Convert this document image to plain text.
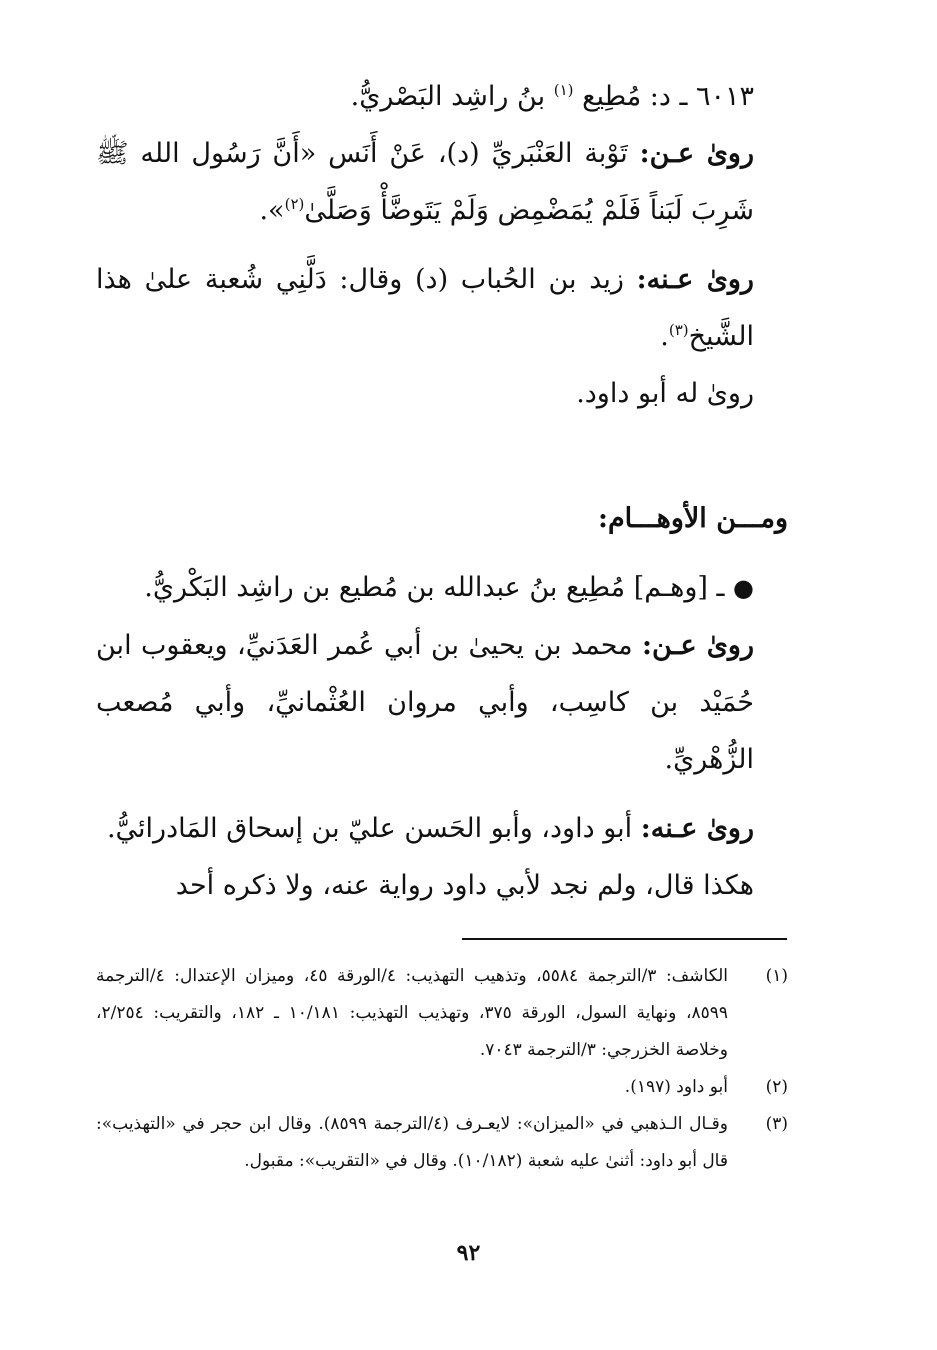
٦٠١٣ ـ د: مُطِيع $^{(١)}$ بنُ راشِد البَصْريُّ.

روىٰ عـن: تَوْبة العَنْبَريِّ (د)، عَنْ أَنَس «أَنَّ رَسُول الله ﷺ شَرِبَ لَبَناً فَلَمْ يُمَضْمِض وَلَمْ يَتَوضَّأْ وَصَلَّىٰ$^{(٢)}$».

روىٰ عـنه: زيد بن الحُباب (د) وقال: دَلَّنِي شُعبة علىٰ هذا الشَّيخ$^{(٣)}$.

روىٰ له أبو داود.

ومـــن الأوهـــام:

● ـ [وهـم] مُطِيع بنُ عبدالله بن مُطيع بن راشِد البَكْريُّ.

روىٰ عـن: محمد بن يحيىٰ بن أبي عُمر العَدَنيِّ، ويعقوب ابن حُمَيْد بن كاسِب، وأبي مروان العُثْمانيِّ، وأبي مُصعب الزُّهْريِّ.

روىٰ عـنه: أبو داود، وأبو الحَسن عليّ بن إسحاق المَادرائيُّ.

هكذا قال، ولم نجد لأبي داود رواية عنه، ولا ذكره أحد

(١)
الكاشف: ٣/الترجمة ٥٥٨٤، وتذهيب التهذيب: ٤/الورقة ٤٥، وميزان الإعتدال: ٤/الترجمة ٨٥٩٩، ونهاية السول، الورقة ٣٧٥، وتهذيب التهذيب: ١٠/١٨١ ـ ١٨٢، والتقريب: ٢/٢٥٤، وخلاصة الخزرجي: ٣/الترجمة ٧٠٤٣.
(٢)
أبو داود (١٩٧).
(٣)
وقـال الـذهبي في «الميزان»: لايعـرف (٤/الترجمة ٨٥٩٩). وقال ابن حجر في «التهذيب»: قال أبو داود: أثنىٰ عليه شعبة (١٠/١٨٢). وقال في «التقريب»: مقبول.
٩٢
